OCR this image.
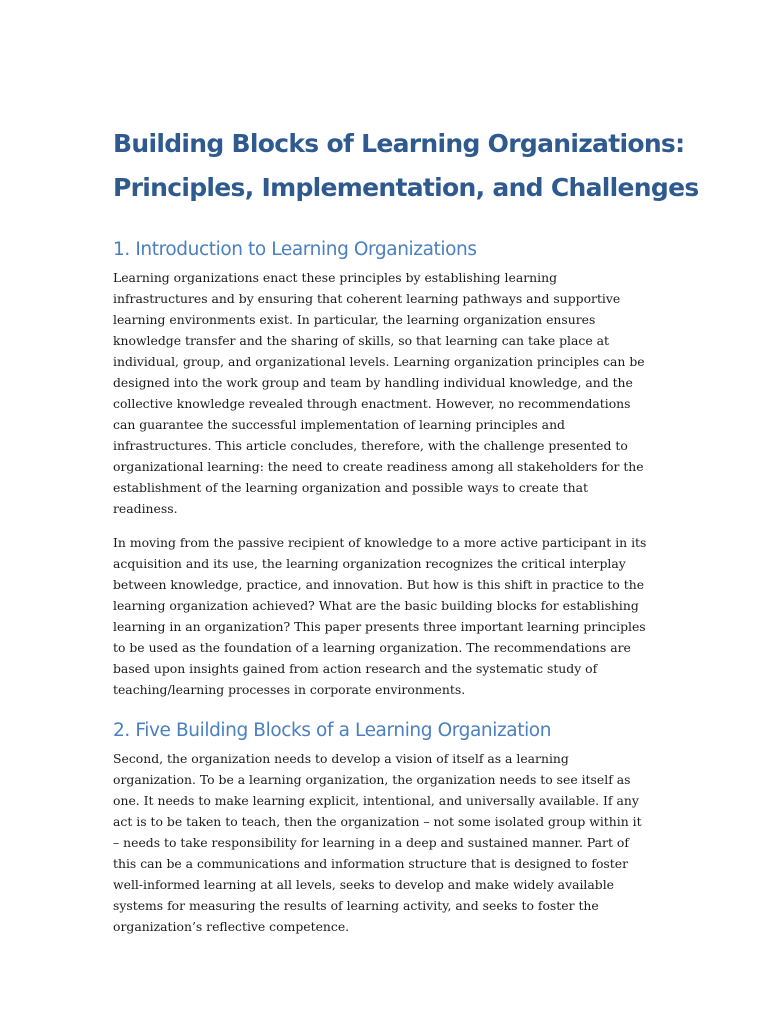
Building Blocks of Learning Organizations:
Principles, Implementation, and Challenges
1. Introduction to Learning Organizations

Learning organizations enact these principles by establishing learning
infrastructures and by ensuring that coherent learning pathways and supportive
learning environments exist. In particular, the learning organization ensures
knowledge transfer and the sharing of skills, so that learning can take place at
individual, group, and organizational levels. Learning organization principles can be
designed into the work group and team by handling individual knowledge, and the
collective knowledge revealed through enactment. However, no recommendations
can guarantee the successful implementation of learning principles and
infrastructures. This article concludes, therefore, with the challenge presented to
organizational learning: the need to create readiness among all stakeholders for the
establishment of the learning organization and possible ways to create that
readiness.

In moving from the passive recipient of knowledge to a more active participant in its
acquisition and its use, the learning organization recognizes the critical interplay
between knowledge, practice, and innovation. But how is this shift in practice to the
learning organization achieved? What are the basic building blocks for establishing
learning in an organization? This paper presents three important learning principles
to be used as the foundation of a learning organization. The recommendations are
based upon insights gained from action research and the systematic study of
teaching/learning processes in corporate environments.

2. Five Building Blocks of a Learning Organization

Second, the organization needs to develop a vision of itself as a learning
organization. To be a learning organization, the organization needs to see itself as
one. It needs to make learning explicit, intentional, and universally available. If any
act is to be taken to teach, then the organization – not some isolated group within it
– needs to take responsibility for learning in a deep and sustained manner. Part of
this can be a communications and information structure that is designed to foster
well-informed learning at all levels, seeks to develop and make widely available
systems for measuring the results of learning activity, and seeks to foster the
organization’s reflective competence.
